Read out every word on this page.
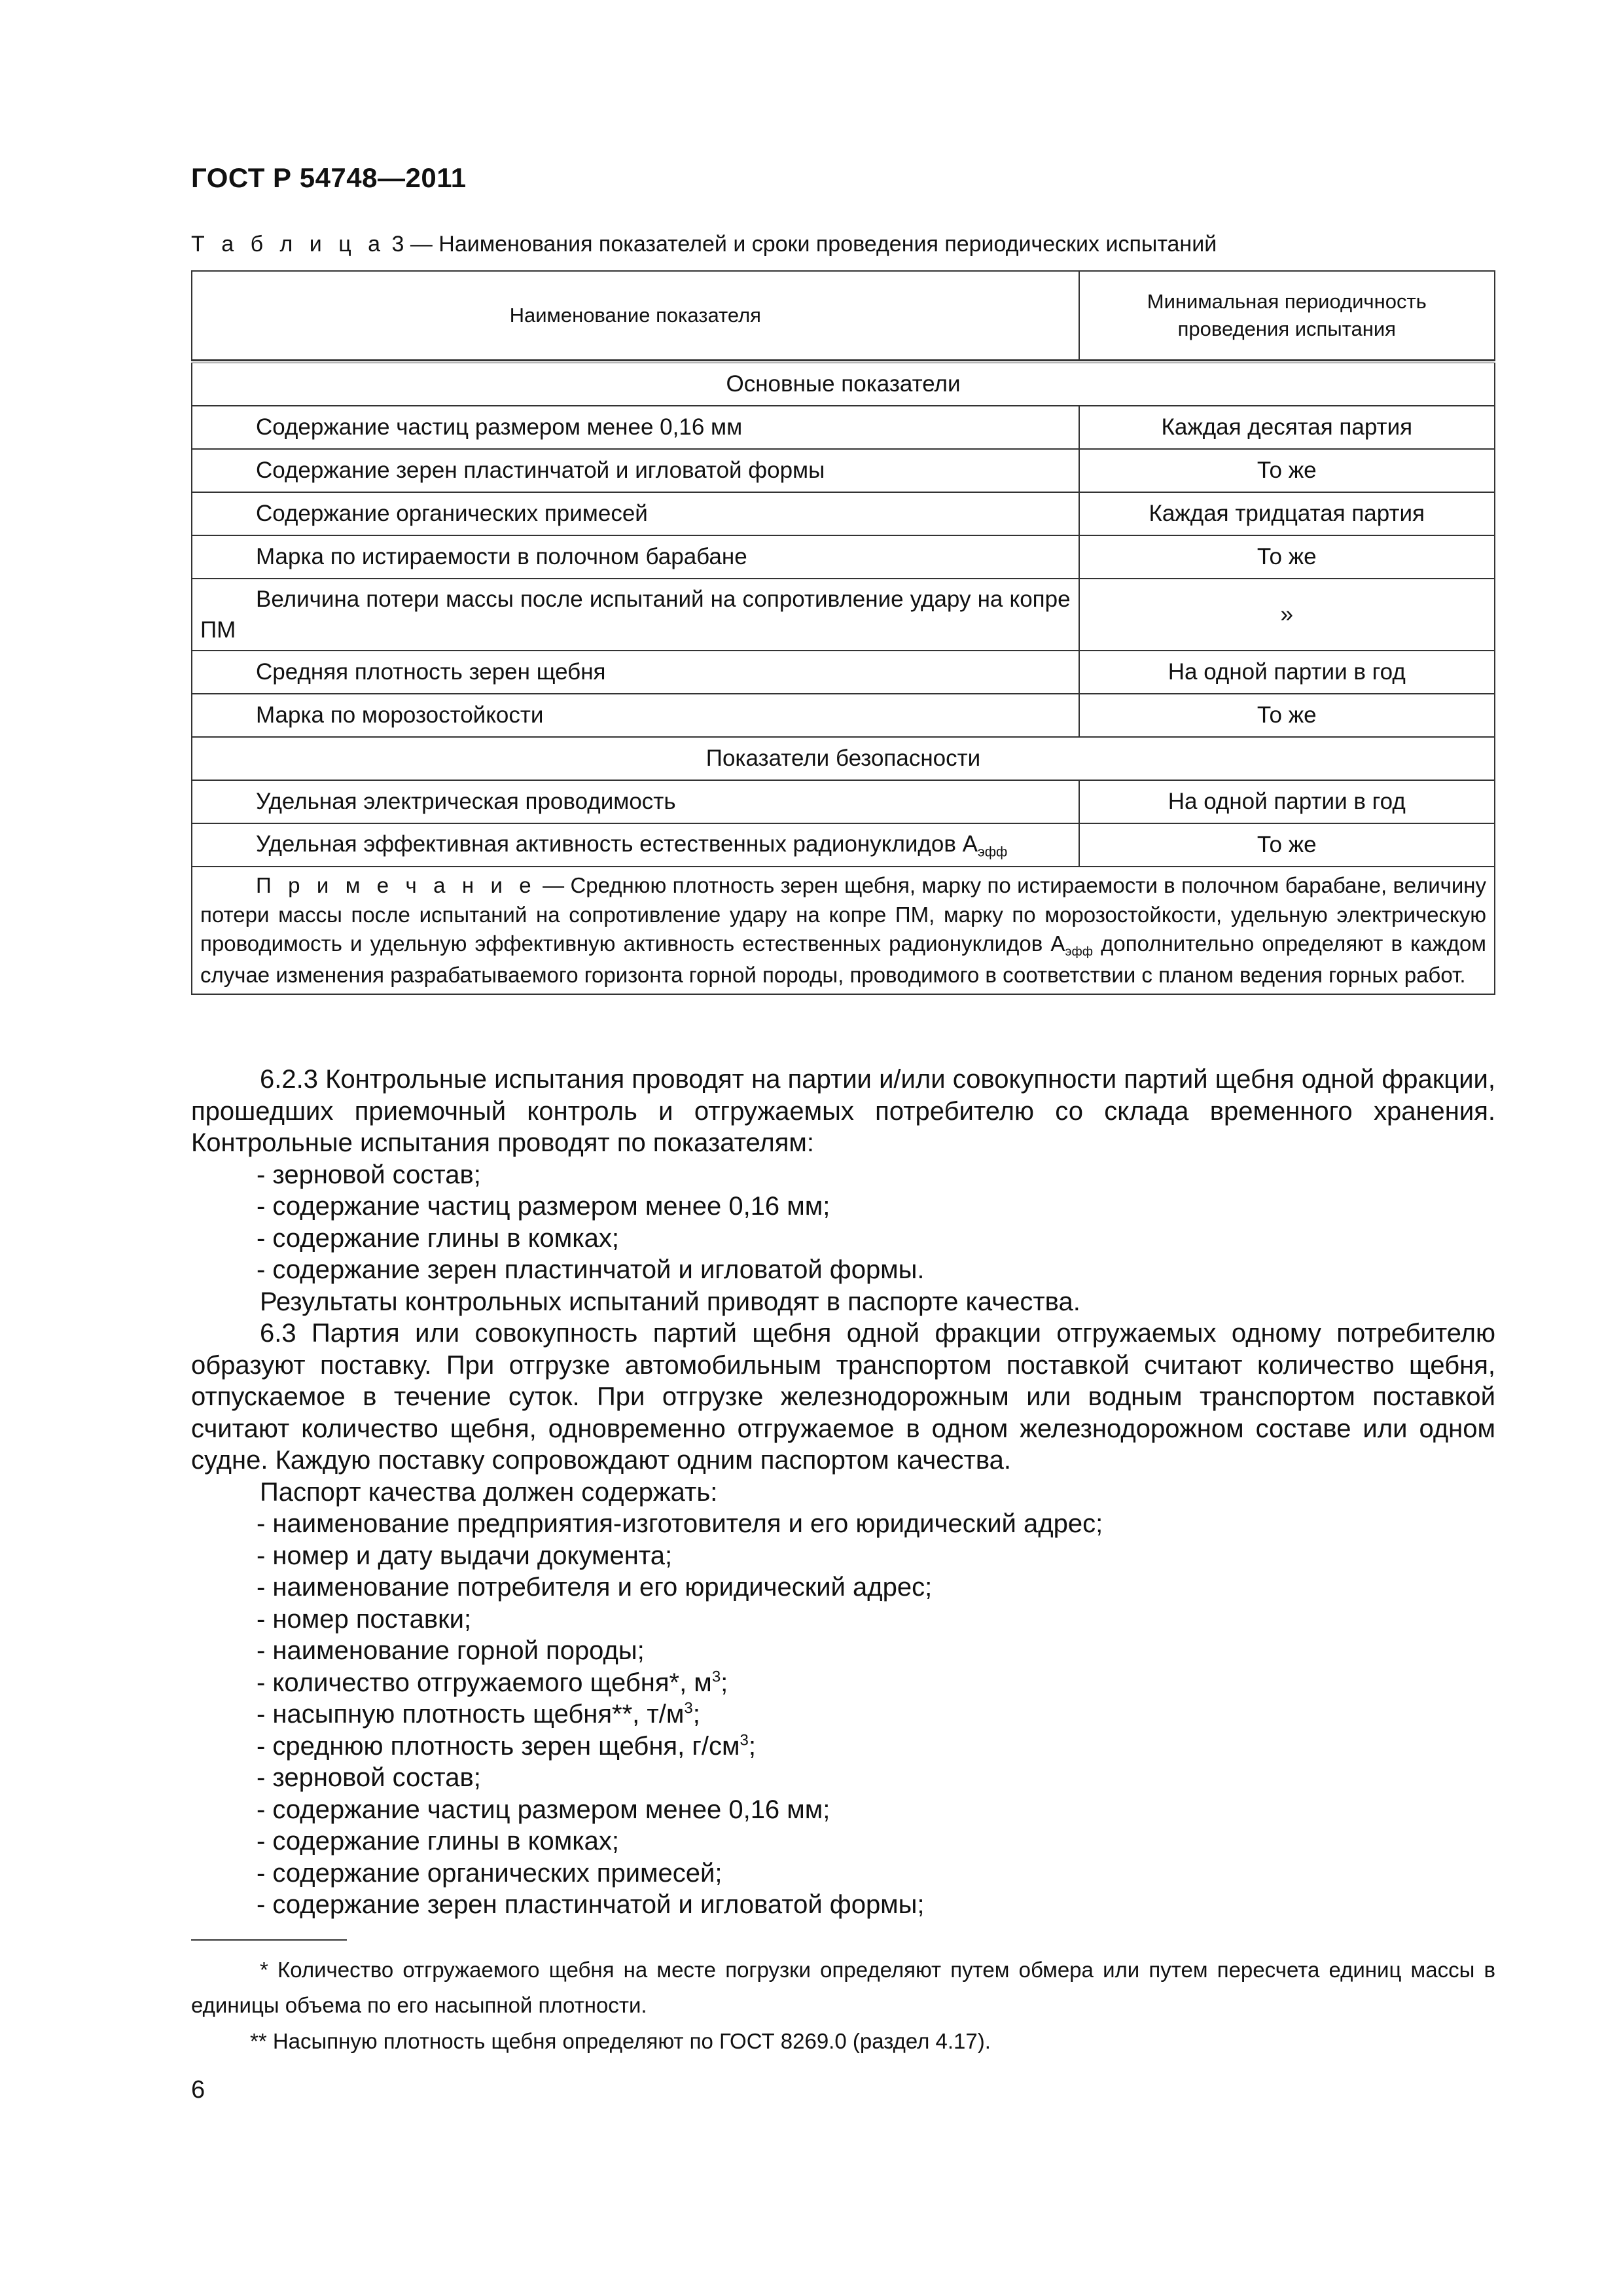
ГОСТ Р 54748—2011
Т а б л и ц а 3 — Наименования показателей и сроки проведения периодических испытаний
Наименование показателя	Минимальная периодичность
проведения испытания

Основные показатели	
Содержание частиц размером менее 0,16 мм	Каждая десятая партия
Содержание зерен пластинчатой и игловатой формы	То же
Содержание органических примесей	Каждая тридцатая партия
Марка по истираемости в полочном барабане	То же
Величина потери массы после испытаний на сопротивление удару на копре ПМ	»
Средняя плотность зерен щебня	На одной партии в год
Марка по морозостойкости	То же
Показатели безопасности	
Удельная электрическая проводимость	На одной партии в год
Удельная эффективная активность естественных радионуклидов $А_{эфф}$	То же
П р и м е ч а н и е — Среднюю плотность зерен щебня, марку по истираемости в полочном барабане, величину потери массы после испытаний на сопротивление удару на копре ПМ, марку по морозостойкости, удельную электрическую проводимость и удельную эффективную активность естественных радионуклидов $А_{эфф}$ дополнительно определяют в каждом случае изменения разрабатываемого горизонта горной породы, проводимого в соответствии с планом ведения горных работ.	

6.2.3 Контрольные испытания проводят на партии и/или совокупности партий щебня одной фракции, прошедших приемочный контроль и отгружаемых потребителю со склада временного хранения. Контрольные испытания проводят по показателям:

- зерновой состав;

- содержание частиц размером менее 0,16 мм;

- содержание глины в комках;

- содержание зерен пластинчатой и игловатой формы.

Результаты контрольных испытаний приводят в паспорте качества.

6.3 Партия или совокупность партий щебня одной фракции отгружаемых одному потребителю образуют поставку. При отгрузке автомобильным транспортом поставкой считают количество щебня, отпускаемое в течение суток. При отгрузке железнодорожным или водным транспортом поставкой считают количество щебня, одновременно отгружаемое в одном железнодорожном составе или одном судне. Каждую поставку сопровождают одним паспортом качества.

Паспорт качества должен содержать:

- наименование предприятия-изготовителя и его юридический адрес;

- номер и дату выдачи документа;

- наименование потребителя и его юридический адрес;

- номер поставки;

- наименование горной породы;

- количество отгружаемого щебня*, $м^3$;

- насыпную плотность щебня**, $т/м^3$;

- среднюю плотность зерен щебня, $г/см^3$;

- зерновой состав;

- содержание частиц размером менее 0,16 мм;

- содержание глины в комках;

- содержание органических примесей;

- содержание зерен пластинчатой и игловатой формы;

* Количество отгружаемого щебня на месте погрузки определяют путем обмера или путем пересчета единиц массы в единицы объема по его насыпной плотности.
** Насыпную плотность щебня определяют по ГОСТ 8269.0 (раздел 4.17).
6
